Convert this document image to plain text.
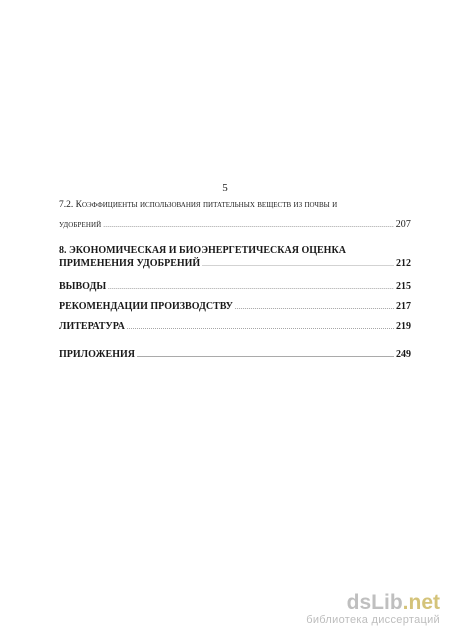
5
7.2. Коэффициенты использования питательных веществ из почвы и
удобрений .....	207
8. ЭКОНОМИЧЕСКАЯ И БИОЭНЕРГЕТИЧЕСКАЯ ОЦЕНКА
ПРИМЕНЕНИЯ УДОБРЕНИЙ .....	212
ВЫВОДЫ .....	215
РЕКОМЕНДАЦИИ ПРОИЗВОДСТВУ .....	217
ЛИТЕРАТУРА .....	219
ПРИЛОЖЕНИЯ .....	249
dsLib.net
библиотека диссертаций
